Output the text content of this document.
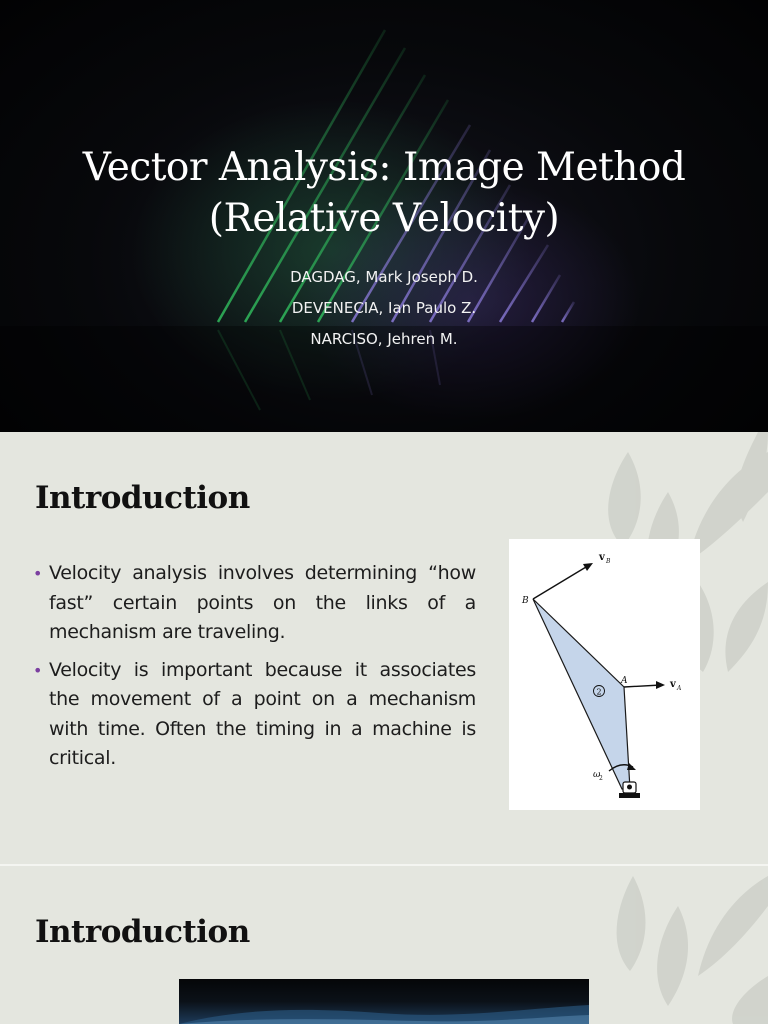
Vector Analysis: Image Method
(Relative Velocity)
DAGDAG, Mark Joseph D.
DEVENECIA, Ian Paulo Z.
NARCISO, Jehren M.
Introduction
• Velocity analysis involves determining “how fast” certain points on the links of a mechanism are traveling.
• Velocity is important because it associates the movement of a point on a mechanism with time. Often the timing in a machine is critical.
2
B
A
v B
v A
ω
2
Introduction
